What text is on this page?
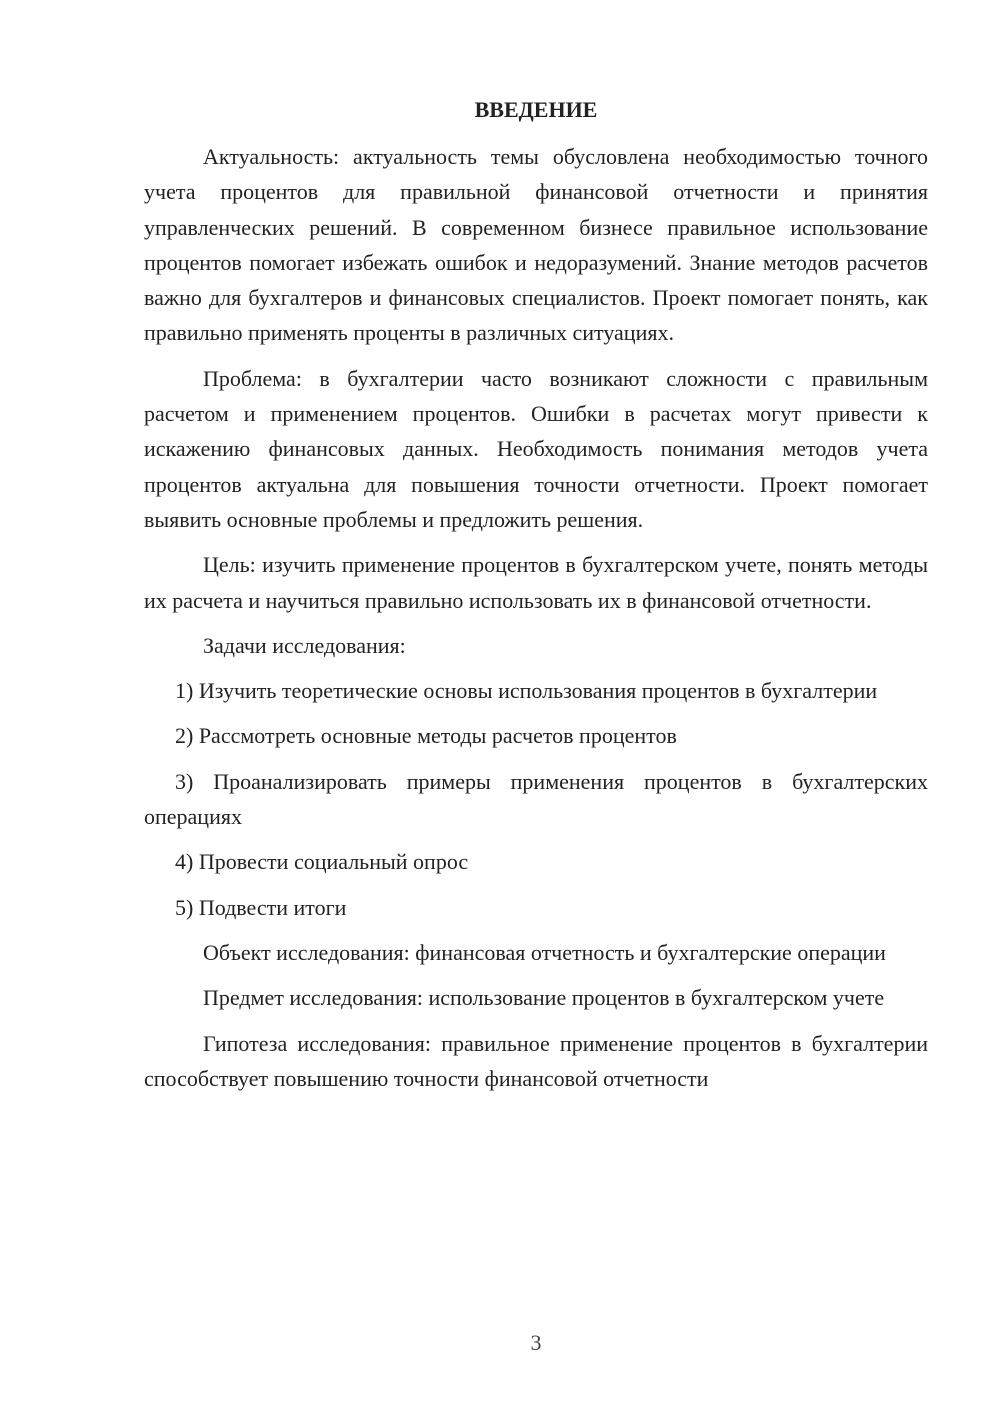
ВВЕДЕНИЕ

Актуальность: актуальность темы обусловлена необходимостью точного учета процентов для правильной финансовой отчетности и принятия управленческих решений. В современном бизнесе правильное использование процентов помогает избежать ошибок и недоразумений. Знание методов расчетов важно для бухгалтеров и финансовых специалистов. Проект помогает понять, как правильно применять проценты в различных ситуациях.

Проблема: в бухгалтерии часто возникают сложности с правильным расчетом и применением процентов. Ошибки в расчетах могут привести к искажению финансовых данных. Необходимость понимания методов учета процентов актуальна для повышения точности отчетности. Проект помогает выявить основные проблемы и предложить решения.

Цель: изучить применение процентов в бухгалтерском учете, понять методы их расчета и научиться правильно использовать их в финансовой отчетности.

Задачи исследования:

1) Изучить теоретические основы использования процентов в бухгалтерии

2) Рассмотреть основные методы расчетов процентов

3) Проанализировать примеры применения процентов в бухгалтерских операциях

4) Провести социальный опрос

5) Подвести итоги

Объект исследования: финансовая отчетность и бухгалтерские операции

Предмет исследования: использование процентов в бухгалтерском учете

Гипотеза исследования: правильное применение процентов в бухгалтерии способствует повышению точности финансовой отчетности

3
